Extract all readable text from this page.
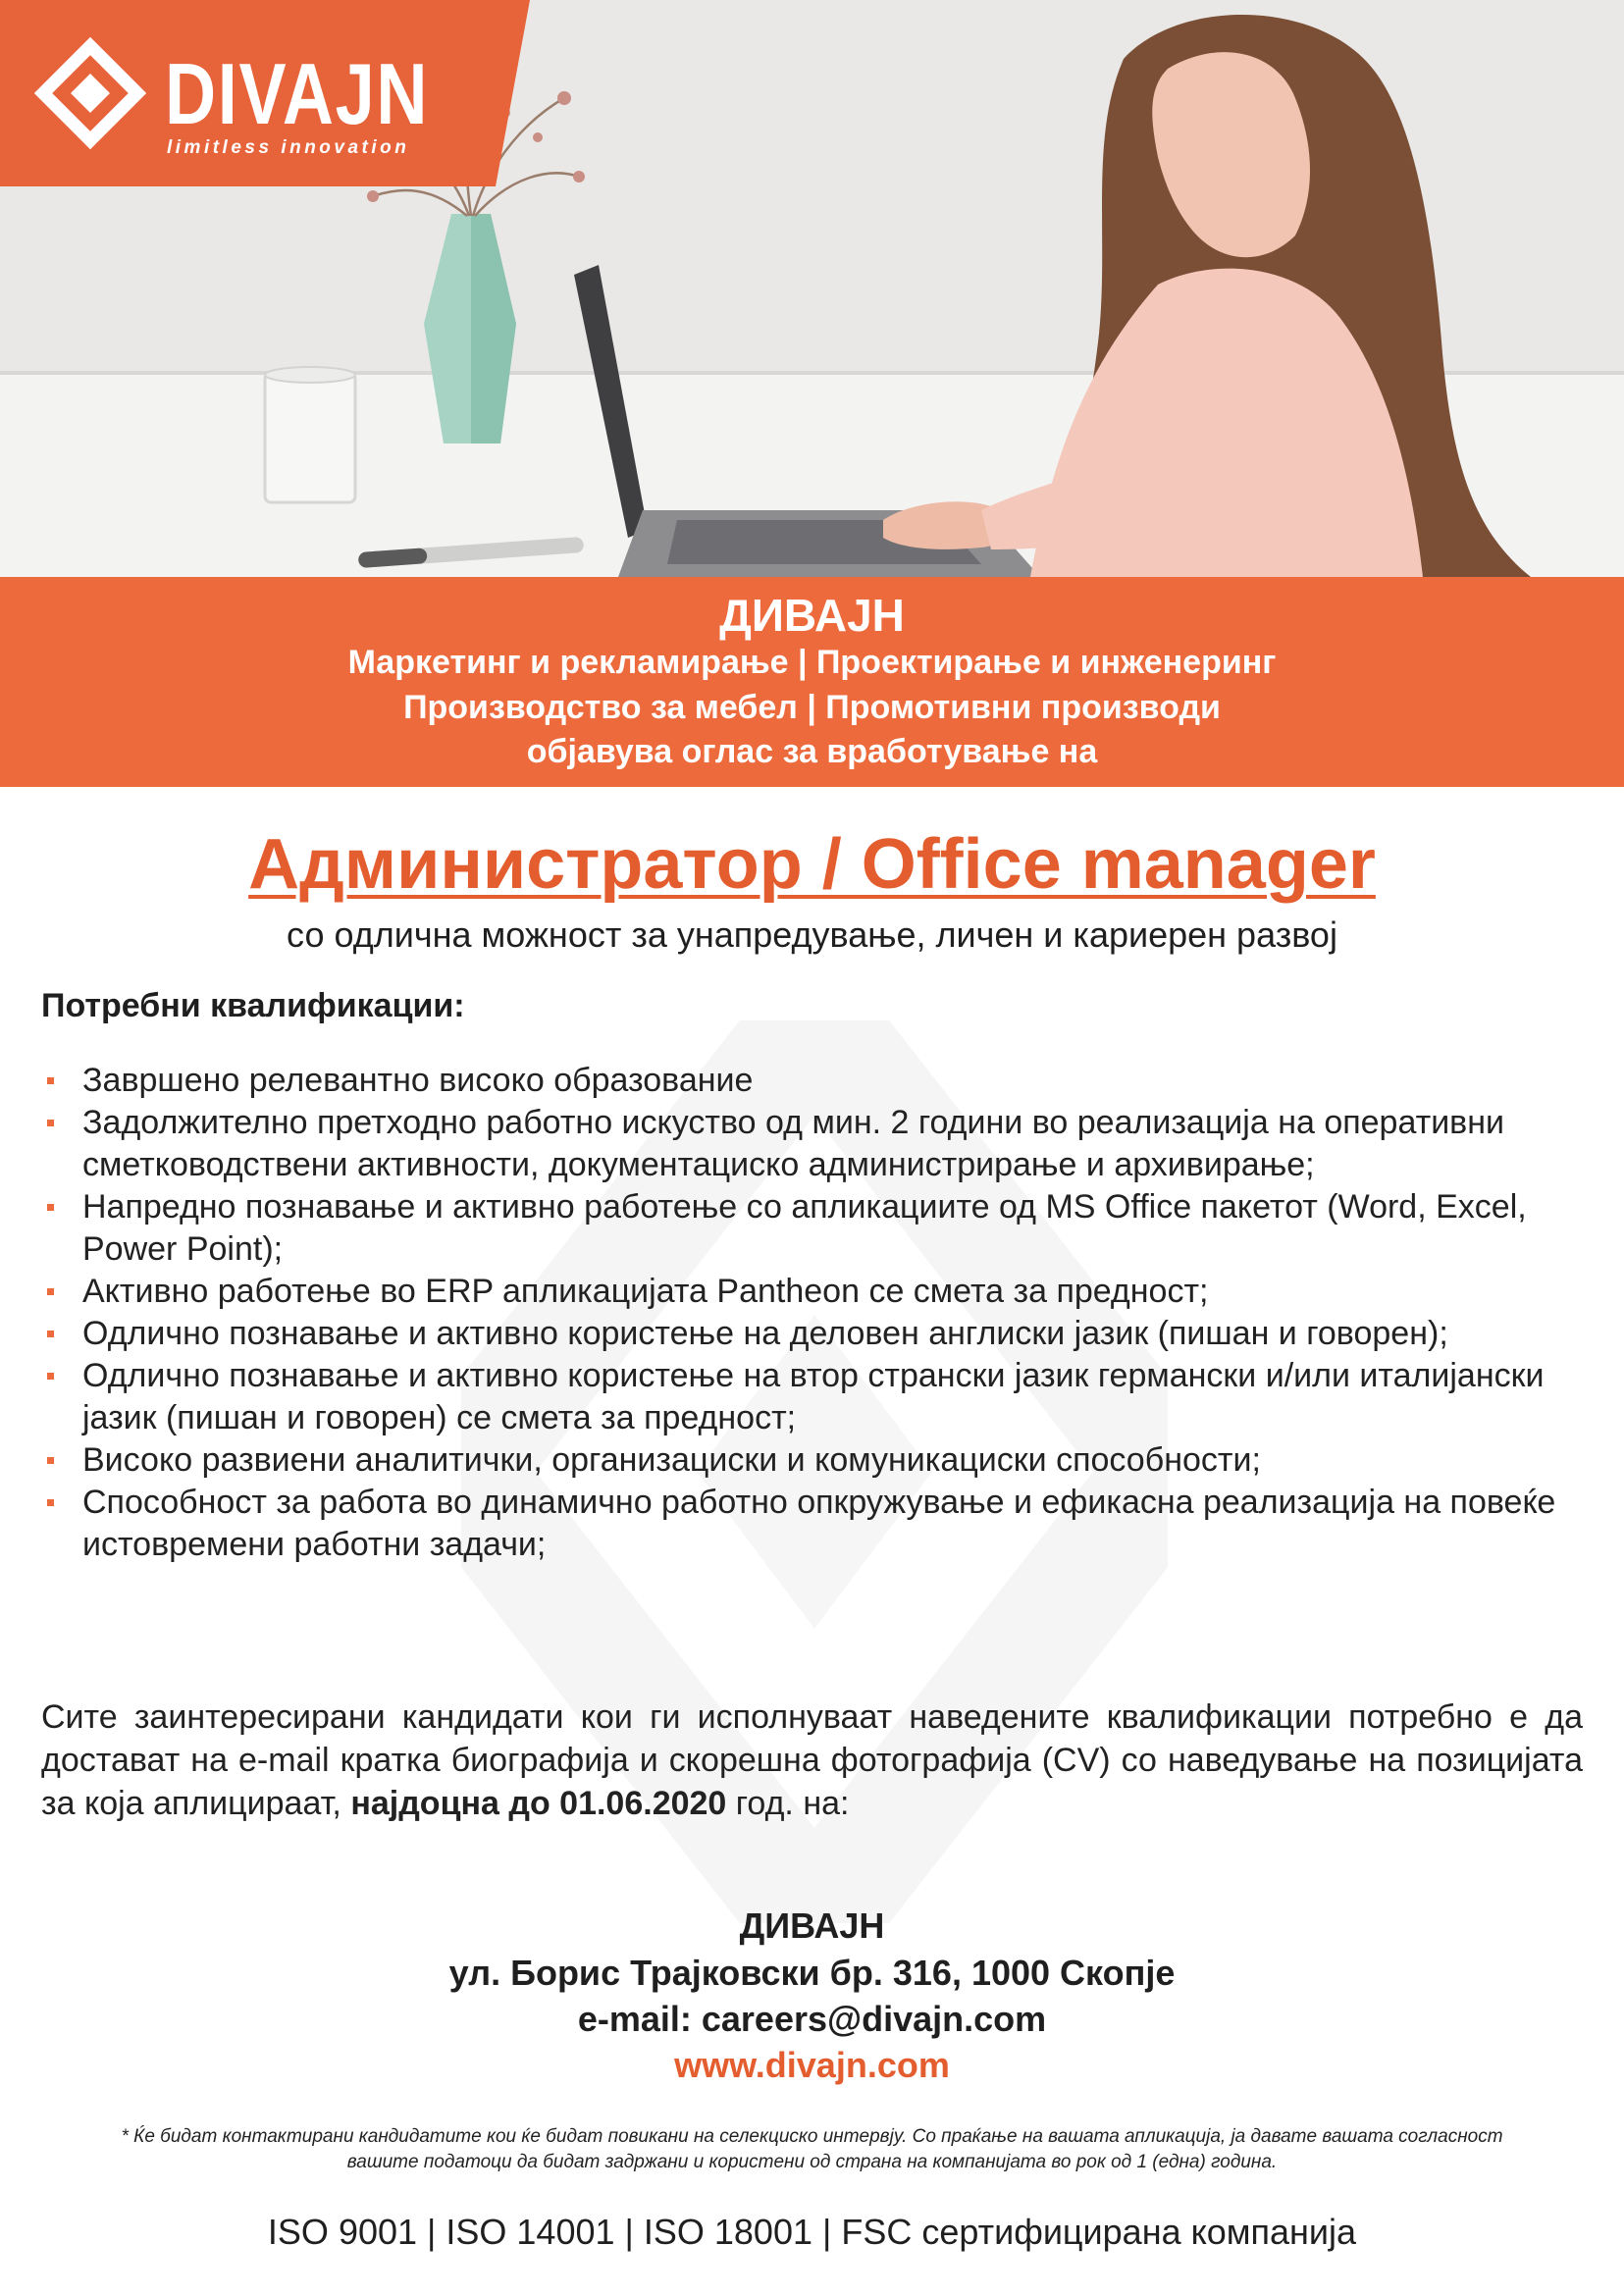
DIVAJN
limitless innovation
ДИВАЈН
Маркетинг и рекламирање | Проектирање и инженеринг
Производство за мебел | Промотивни производи
објавува оглас за вработување на
Администратор / Office manager
со одлична можност за унапредување, личен и кариерен развој
Потребни квалификации:
Завршено релевантно високо образование
Задолжително претходно работно искуство од мин. 2 години во реализација на оперативни сметководствени активности, документациско администрирање и архивирање;
Напредно познавање и активно работење со апликациите од MS Office пакетот (Word, Excel, Power Point);
Активно работење во ERP апликацијата Pantheon се смета за предност;
Одлично познавање и активно користење на деловен англиски јазик (пишан и говорен);
Одлично познавање и активно користење на втор странски јазик германски и/или италијански јазик (пишан и говорен) се смета за предност;
Високо развиени аналитички, организациски и комуникациски способности;
Способност за работа во динамично работно опкружување и ефикасна реализација на повеќе истовремени работни задачи;
Сите заинтересирани кандидати кои ги исполнуваат наведените квалификации потребно е да достават на e-mail кратка биографија и скорешна фотографија (CV) со наведување на позицијата за која аплицираат, најдоцна до 01.06.2020 год. на:
ДИВАЈН
ул. Борис Трајковски бр. 316, 1000 Скопје
e-mail: careers@divajn.com
www.divajn.com
* Ќе бидат контактирани кандидатите кои ќе бидат повикани на селекциско интервју. Со праќање на вашата апликација, ја давате вашата согласност вашите податоци да бидат задржани и користени од страна на компанијата во рок од 1 (една) година.
ISO 9001 | ISO 14001 | ISO 18001 | FSC сертифицирана компанија
